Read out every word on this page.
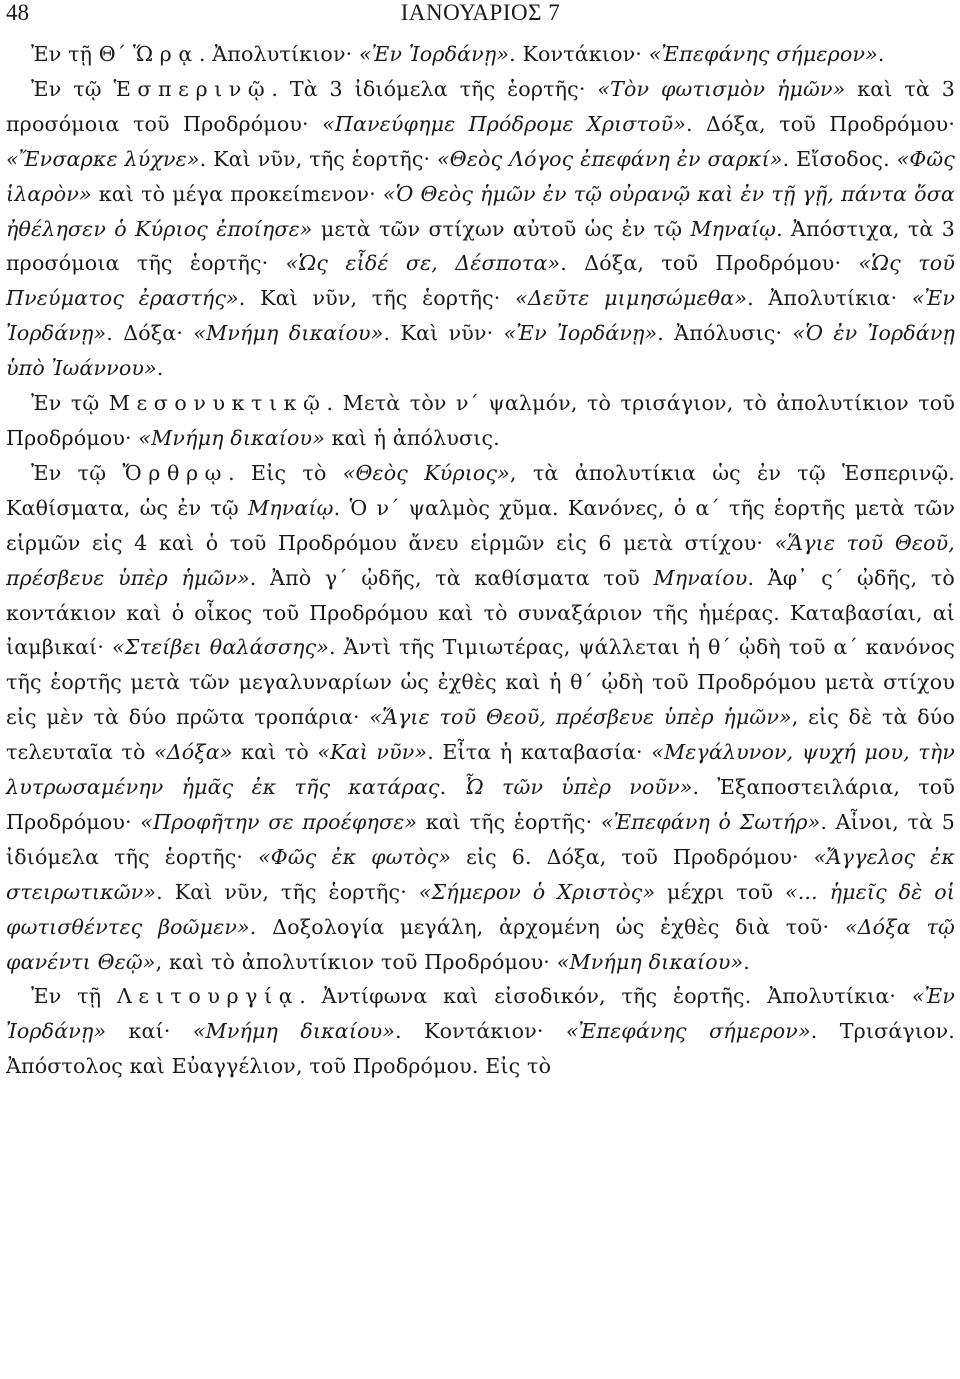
48	ΙΑΝΟΥΑΡΙΟΣ 7

Ἐν τῇ Θ΄ Ὥρᾳ. Ἀπολυτίκιον· «Ἐν Ἰορδάνῃ». Κοντάκιον· «Ἐπεφάνης σήμερον».

Ἐν τῷ Ἑσπερινῷ. Τὰ 3 ἰδιόμελα τῆς ἑορτῆς· «Τὸν φωτισμὸν ἡμῶν» καὶ τὰ 3 προσόμοια τοῦ Προδρόμου· «Πανεύφημε Πρόδρομε Χριστοῦ». Δόξα, τοῦ Προδρόμου· «Ἔνσαρκε λύχνε». Καὶ νῦν, τῆς ἑορτῆς· «Θεὸς Λόγος ἐπεφάνη ἐν σαρκί». Εἴσοδος. «Φῶς ἱλαρὸν» καὶ τὸ μέγα προκείmενον· «Ὁ Θεὸς ἡμῶν ἐν τῷ οὐρανῷ καὶ ἐν τῇ γῇ, πάντα ὅσα ἠθέλησεν ὁ Κύριος ἐποίησε» μετὰ τῶν στίχων αὐτοῦ ὡς ἐν τῷ Μηναίῳ. Ἀπόστιχα, τὰ 3 προσόμοια τῆς ἑορτῆς· «Ὡς εἶδέ σε, Δέσποτα». Δόξα, τοῦ Προδρόμου· «Ὡς τοῦ Πνεύματος ἐραστής». Καὶ νῦν, τῆς ἑορτῆς· «Δεῦτε μιμησώμεθα». Ἀπολυτίκια· «Ἐν Ἰορδάνῃ». Δόξα· «Μνήμη δικαίου». Καὶ νῦν· «Ἐν Ἰορδάνῃ». Ἀπόλυσις· «Ὁ ἐν Ἰορδάνῃ ὑπὸ Ἰωάννου».

Ἐν τῷ Μεσονυκτικῷ. Μετὰ τὸν ν΄ ψαλμόν, τὸ τρισάγιον, τὸ ἀπολυτίκιον τοῦ Προδρόμου· «Μνήμη δικαίου» καὶ ἡ ἀπόλυσις.

Ἐν τῷ Ὄρθρῳ. Εἰς τὸ «Θεὸς Κύριος», τὰ ἀπολυτίκια ὡς ἐν τῷ Ἑσπερινῷ. Καθίσματα, ὡς ἐν τῷ Μηναίῳ. Ὁ ν΄ ψαλμὸς χῦμα. Κανόνες, ὁ α΄ τῆς ἑορτῆς μετὰ τῶν εἱρμῶν εἰς 4 καὶ ὁ τοῦ Προδρόμου ἄνευ εἱρμῶν εἰς 6 μετὰ στίχου· «Ἅγιε τοῦ Θεοῦ, πρέσβευε ὑπὲρ ἡμῶν». Ἀπὸ γ΄ ᾠδῆς, τὰ καθίσματα τοῦ Μηναίου. Ἀφ᾽ ς΄ ᾠδῆς, τὸ κοντάκιον καὶ ὁ οἶκος τοῦ Προδρόμου καὶ τὸ συναξάριον τῆς ἡμέρας. Καταβασίαι, αἱ ἰαμβικαί· «Στείβει θαλάσσης». Ἀντὶ τῆς Τιμιωτέρας, ψάλλεται ἡ θ΄ ᾠδὴ τοῦ α΄ κανόνος τῆς ἑορτῆς μετὰ τῶν μεγαλυναρίων ὡς ἐχθὲς καὶ ἡ θ΄ ᾠδὴ τοῦ Προδρόμου μετὰ στίχου εἰς μὲν τὰ δύο πρῶτα τροπάρια· «Ἅγιε τοῦ Θεοῦ, πρέσβευε ὑπὲρ ἡμῶν», εἰς δὲ τὰ δύο τελευταῖα τὸ «Δόξα» καὶ τὸ «Καὶ νῦν». Εἶτα ἡ καταβασία· «Μεγάλυνον, ψυχή μου, τὴν λυτρωσαμένην ἡμᾶς ἐκ τῆς κατάρας. Ὦ τῶν ὑπὲρ νοῦν». Ἐξαποστειλάρια, τοῦ Προδρόμου· «Προφῆτην σε προέφησε» καὶ τῆς ἑορτῆς· «Ἐπεφάνη ὁ Σωτήρ». Αἶνοι, τὰ 5 ἰδιόμελα τῆς ἑορτῆς· «Φῶς ἐκ φωτὸς» εἰς 6. Δόξα, τοῦ Προδρόμου· «Ἄγγελος ἐκ στειρωτικῶν». Καὶ νῦν, τῆς ἑορτῆς· «Σήμερον ὁ Χριστὸς» μέχρι τοῦ «... ἡμεῖς δὲ οἱ φωτισθέντες βοῶμεν». Δοξολογία μεγάλη, ἀρχομένη ὡς ἐχθὲς διὰ τοῦ· «Δόξα τῷ φανέντι Θεῷ», καὶ τὸ ἀπολυτίκιον τοῦ Προδρόμου· «Μνήμη δικαίου».

Ἐν τῇ Λειτουργίᾳ. Ἀντίφωνα καὶ εἰσοδικόν, τῆς ἑορτῆς. Ἀπολυτίκια· «Ἐν Ἰορδάνῃ» καί· «Μνήμη δικαίου». Κοντάκιον· «Ἐπεφάνης σήμερον». Τρισάγιον. Ἀπόστολος καὶ Εὐαγγέλιον, τοῦ Προδρόμου. Εἰς τὸ
